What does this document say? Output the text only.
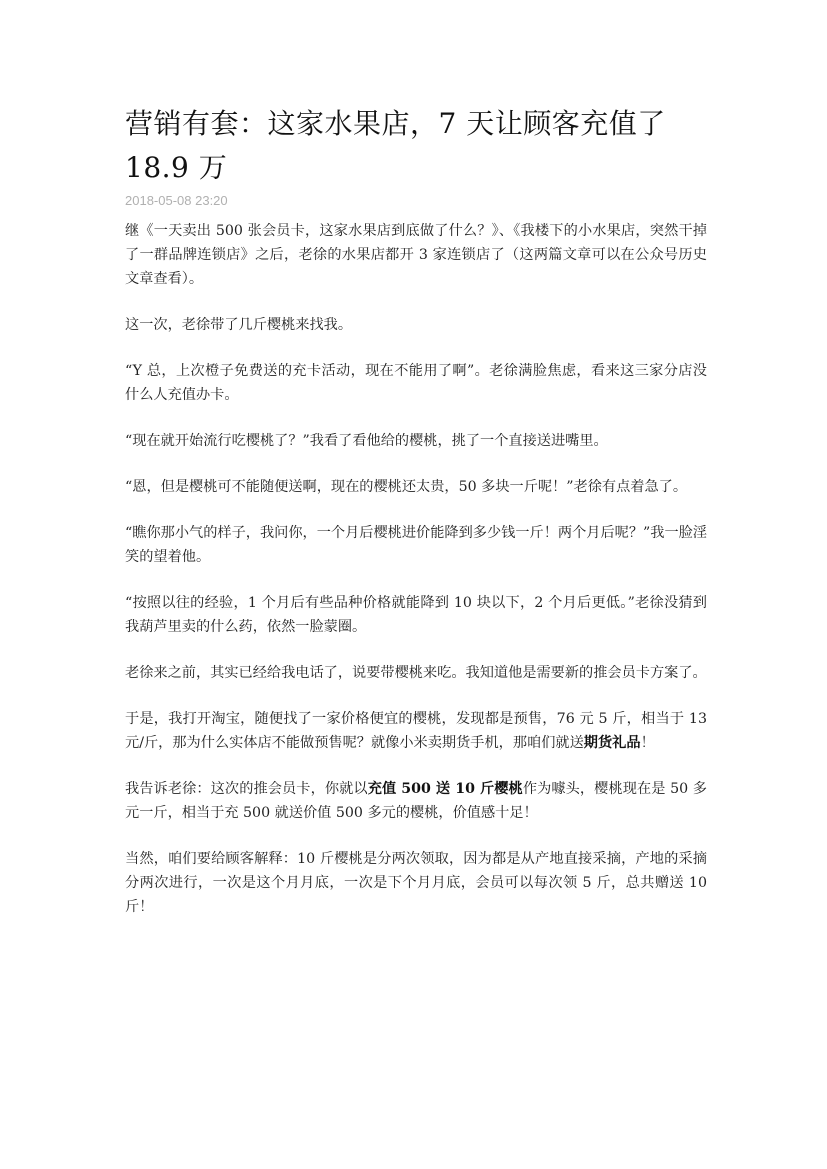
营销有套：这家水果店，7 天让顾客充值了 18.9 万
2018-05-08 23:20

继《一天卖出 500 张会员卡，这家水果店到底做了什么？》、《我楼下的小水果店，突然干掉了一群品牌连锁店》之后，老徐的水果店都开 3 家连锁店了（这两篇文章可以在公众号历史文章查看）。

这一次，老徐带了几斤樱桃来找我。

“Y 总，上次橙子免费送的充卡活动，现在不能用了啊”。老徐满脸焦虑，看来这三家分店没什么人充值办卡。

“现在就开始流行吃樱桃了？”我看了看他给的樱桃，挑了一个直接送进嘴里。

“恩，但是樱桃可不能随便送啊，现在的樱桃还太贵，50 多块一斤呢！”老徐有点着急了。

“瞧你那小气的样子，我问你，一个月后樱桃进价能降到多少钱一斤！两个月后呢？”我一脸淫笑的望着他。

“按照以往的经验，1 个月后有些品种价格就能降到 10 块以下，2 个月后更低。”老徐没猜到我葫芦里卖的什么药，依然一脸蒙圈。

老徐来之前，其实已经给我电话了，说要带樱桃来吃。我知道他是需要新的推会员卡方案了。

于是，我打开淘宝，随便找了一家价格便宜的樱桃，发现都是预售，76 元 5 斤，相当于 13 元/斤，那为什么实体店不能做预售呢？就像小米卖期货手机，那咱们就送期货礼品！

我告诉老徐：这次的推会员卡，你就以充值 500 送 10 斤樱桃作为噱头，樱桃现在是 50 多元一斤，相当于充 500 就送价值 500 多元的樱桃，价值感十足！

当然，咱们要给顾客解释：10 斤樱桃是分两次领取，因为都是从产地直接采摘，产地的采摘分两次进行，一次是这个月月底，一次是下个月月底，会员可以每次领 5 斤，总共赠送 10 斤！
